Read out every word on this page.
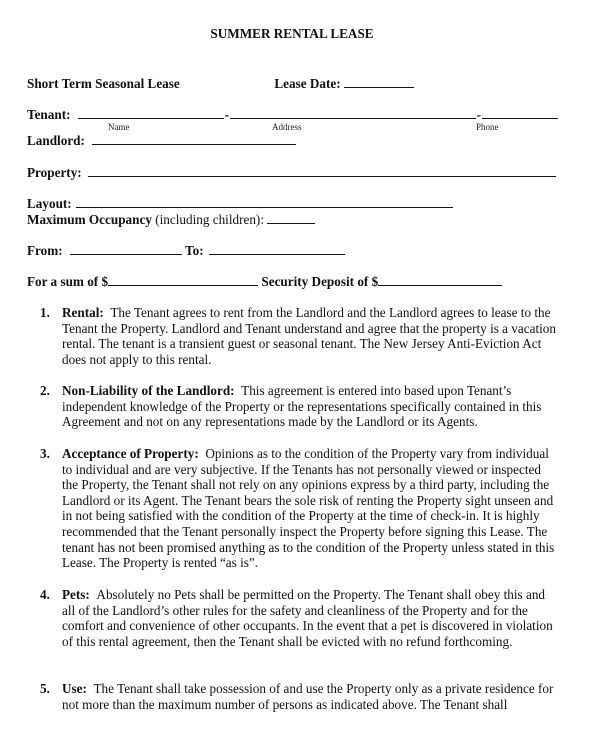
SUMMER RENTAL LEASE
Short Term Seasonal Lease	Lease Date:
Tenant:	-	-
Name	Address	Phone
Landlord:
Property:
Layout:
Maximum Occupancy (including children):
From:	To:
For a sum of $	Security Deposit of $
1. Rental: The Tenant agrees to rent from the Landlord and the Landlord agrees to lease to the Tenant the Property. Landlord and Tenant understand and agree that the property is a vacation rental. The tenant is a transient guest or seasonal tenant. The New Jersey Anti-Eviction Act does not apply to this rental.
2. Non-Liability of the Landlord: This agreement is entered into based upon Tenant’s independent knowledge of the Property or the representations specifically contained in this Agreement and not on any representations made by the Landlord or its Agents.
3. Acceptance of Property: Opinions as to the condition of the Property vary from individual to individual and are very subjective. If the Tenants has not personally viewed or inspected the Property, the Tenant shall not rely on any opinions express by a third party, including the Landlord or its Agent. The Tenant bears the sole risk of renting the Property sight unseen and in not being satisfied with the condition of the Property at the time of check-in. It is highly recommended that the Tenant personally inspect the Property before signing this Lease. The tenant has not been promised anything as to the condition of the Property unless stated in this Lease. The Property is rented “as is”.
4. Pets: Absolutely no Pets shall be permitted on the Property. The Tenant shall obey this and all of the Landlord’s other rules for the safety and cleanliness of the Property and for the comfort and convenience of other occupants. In the event that a pet is discovered in violation of this rental agreement, then the Tenant shall be evicted with no refund forthcoming.
5. Use: The Tenant shall take possession of and use the Property only as a private residence for not more than the maximum number of persons as indicated above. The Tenant shall
